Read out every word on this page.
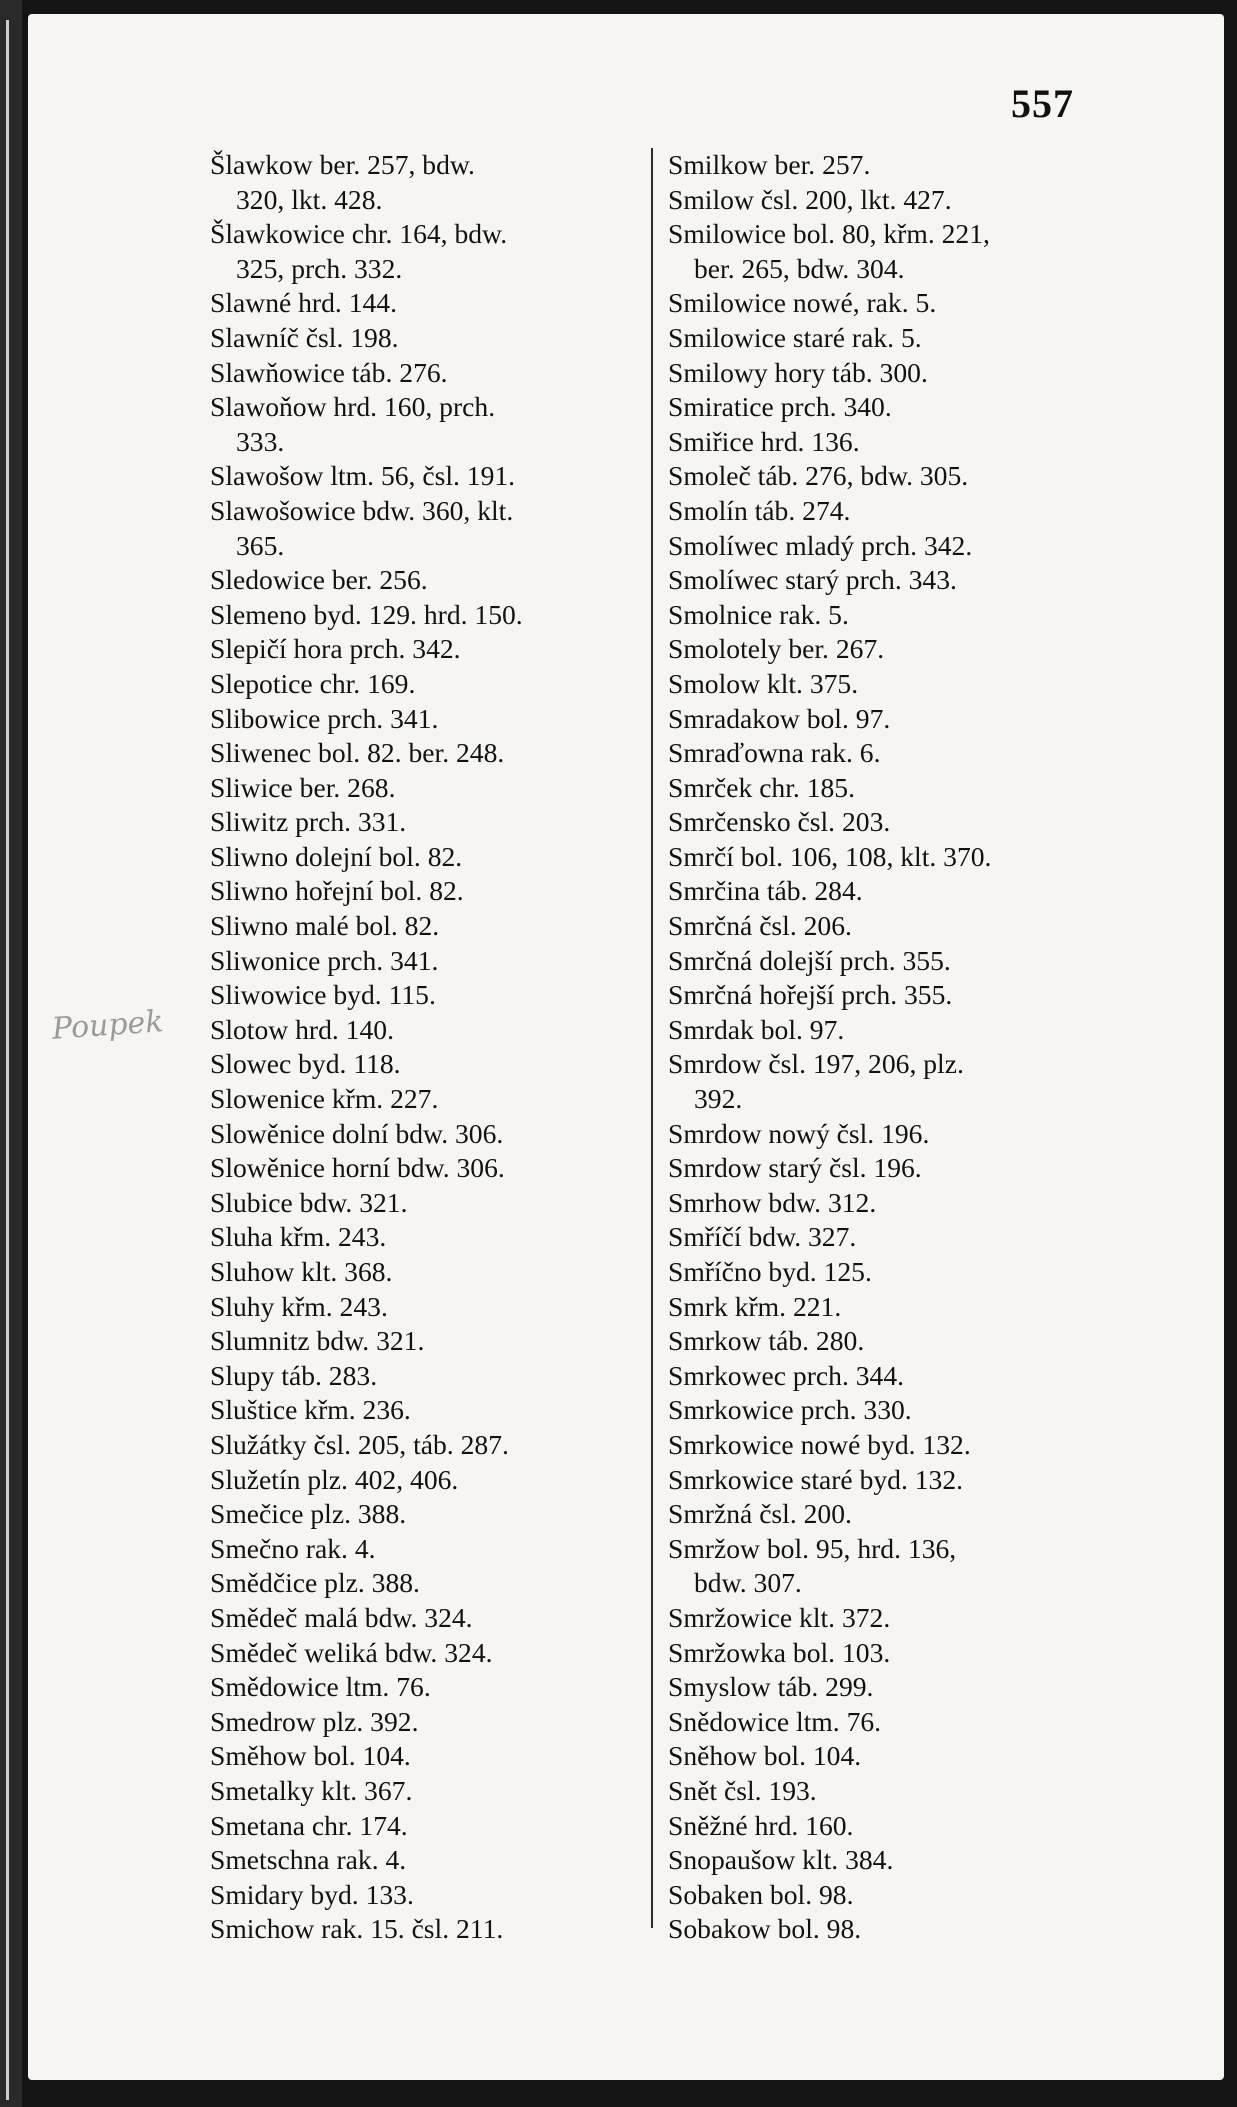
557
Poupek
Šlawkow ber. 257, bdw.
320, lkt. 428.
Šlawkowice chr. 164, bdw.
325, prch. 332.
Slawné hrd. 144.
Slawníč čsl. 198.
Slawňowice táb. 276.
Slawoňow hrd. 160, prch.
333.
Slawošow ltm. 56, čsl. 191.
Slawošowice bdw. 360, klt.
365.
Sledowice ber. 256.
Slemeno byd. 129. hrd. 150.
Slepičí hora prch. 342.
Slepotice chr. 169.
Slibowice prch. 341.
Sliwenec bol. 82. ber. 248.
Sliwice ber. 268.
Sliwitz prch. 331.
Sliwno dolejní bol. 82.
Sliwno hořejní bol. 82.
Sliwno malé bol. 82.
Sliwonice prch. 341.
Sliwowice byd. 115.
Slotow hrd. 140.
Slowec byd. 118.
Slowenice křm. 227.
Slowěnice dolní bdw. 306.
Slowěnice horní bdw. 306.
Slubice bdw. 321.
Sluha křm. 243.
Sluhow klt. 368.
Sluhy křm. 243.
Slumnitz bdw. 321.
Slupy táb. 283.
Sluštice křm. 236.
Služátky čsl. 205, táb. 287.
Služetín plz. 402, 406.
Smečice plz. 388.
Smečno rak. 4.
Smědčice plz. 388.
Smědeč malá bdw. 324.
Smědeč weliká bdw. 324.
Smědowice ltm. 76.
Smedrow plz. 392.
Směhow bol. 104.
Smetalky klt. 367.
Smetana chr. 174.
Smetschna rak. 4.
Smidary byd. 133.
Smichow rak. 15. čsl. 211.
Smilkow ber. 257.
Smilow čsl. 200, lkt. 427.
Smilowice bol. 80, křm. 221,
ber. 265, bdw. 304.
Smilowice nowé, rak. 5.
Smilowice staré rak. 5.
Smilowy hory táb. 300.
Smiratice prch. 340.
Smiřice hrd. 136.
Smoleč táb. 276, bdw. 305.
Smolín táb. 274.
Smolíwec mladý prch. 342.
Smolíwec starý prch. 343.
Smolnice rak. 5.
Smolotely ber. 267.
Smolow klt. 375.
Smradakow bol. 97.
Smraďowna rak. 6.
Smrček chr. 185.
Smrčensko čsl. 203.
Smrčí bol. 106, 108, klt. 370.
Smrčina táb. 284.
Smrčná čsl. 206.
Smrčná dolejší prch. 355.
Smrčná hořejší prch. 355.
Smrdak bol. 97.
Smrdow čsl. 197, 206, plz.
392.
Smrdow nowý čsl. 196.
Smrdow starý čsl. 196.
Smrhow bdw. 312.
Smříčí bdw. 327.
Smříčno byd. 125.
Smrk křm. 221.
Smrkow táb. 280.
Smrkowec prch. 344.
Smrkowice prch. 330.
Smrkowice nowé byd. 132.
Smrkowice staré byd. 132.
Smržná čsl. 200.
Smržow bol. 95, hrd. 136,
bdw. 307.
Smržowice klt. 372.
Smržowka bol. 103.
Smyslow táb. 299.
Snědowice ltm. 76.
Sněhow bol. 104.
Snět čsl. 193.
Sněžné hrd. 160.
Snopaušow klt. 384.
Sobaken bol. 98.
Sobakow bol. 98.
